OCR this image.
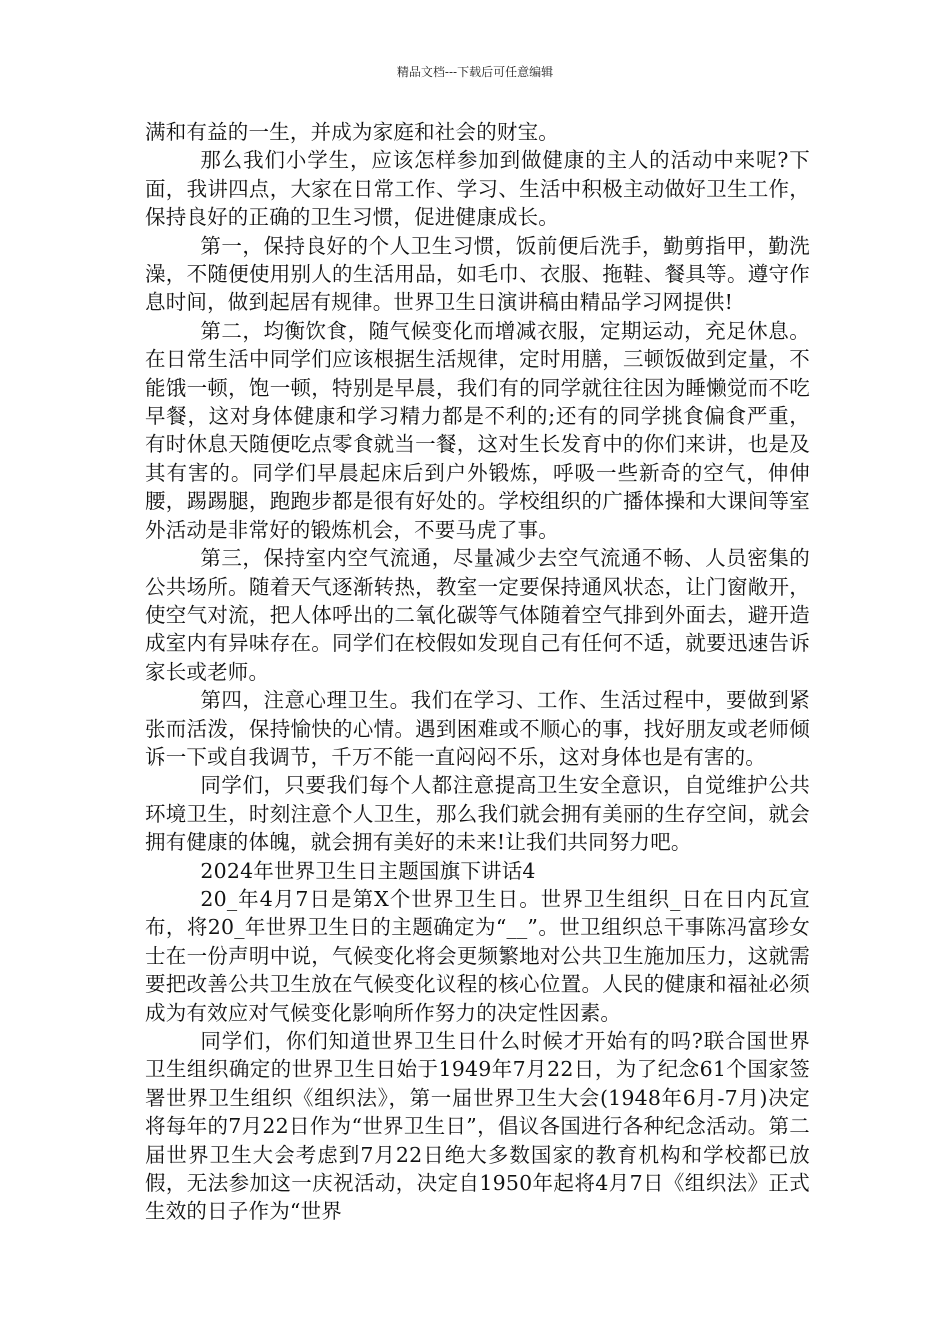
精品文档---下载后可任意编辑

满和有益的一生，并成为家庭和社会的财宝。

那么我们小学生，应该怎样参加到做健康的主人的活动中来呢?下面，我讲四点，大家在日常工作、学习、生活中积极主动做好卫生工作，保持良好的正确的卫生习惯，促进健康成长。

第一，保持良好的个人卫生习惯，饭前便后洗手，勤剪指甲，勤洗澡，不随便使用别人的生活用品，如毛巾、衣服、拖鞋、餐具等。遵守作息时间，做到起居有规律。世界卫生日演讲稿由精品学习网提供!

第二，均衡饮食，随气候变化而增减衣服，定期运动，充足休息。在日常生活中同学们应该根据生活规律，定时用膳，三顿饭做到定量，不能饿一顿，饱一顿，特别是早晨，我们有的同学就往往因为睡懒觉而不吃早餐，这对身体健康和学习精力都是不利的;还有的同学挑食偏食严重，有时休息天随便吃点零食就当一餐，这对生长发育中的你们来讲，也是及其有害的。同学们早晨起床后到户外锻炼，呼吸一些新奇的空气，伸伸腰，踢踢腿，跑跑步都是很有好处的。学校组织的广播体操和大课间等室外活动是非常好的锻炼机会，不要马虎了事。

第三，保持室内空气流通，尽量减少去空气流通不畅、人员密集的公共场所。随着天气逐渐转热，教室一定要保持通风状态，让门窗敞开，使空气对流，把人体呼出的二氧化碳等气体随着空气排到外面去，避开造成室内有异味存在。同学们在校假如发现自己有任何不适，就要迅速告诉家长或老师。

第四，注意心理卫生。我们在学习、工作、生活过程中，要做到紧张而活泼，保持愉快的心情。遇到困难或不顺心的事，找好朋友或老师倾诉一下或自我调节，千万不能一直闷闷不乐，这对身体也是有害的。

同学们，只要我们每个人都注意提高卫生安全意识，自觉维护公共环境卫生，时刻注意个人卫生，那么我们就会拥有美丽的生存空间，就会拥有健康的体魄，就会拥有美好的未来!让我们共同努力吧。

2024年世界卫生日主题国旗下讲话4

20_年4月7日是第X个世界卫生日。世界卫生组织_日在日内瓦宣布，将20_年世界卫生日的主题确定为“__”。世卫组织总干事陈冯富珍女士在一份声明中说，气候变化将会更频繁地对公共卫生施加压力，这就需要把改善公共卫生放在气候变化议程的核心位置。人民的健康和福祉必须成为有效应对气候变化影响所作努力的决定性因素。

同学们，你们知道世界卫生日什么时候才开始有的吗?联合国世界卫生组织确定的世界卫生日始于1949年7月22日，为了纪念61个国家签署世界卫生组织《组织法》，第一届世界卫生大会(1948年6月-7月)决定将每年的7月22日作为“世界卫生日”，倡议各国进行各种纪念活动。第二届世界卫生大会考虑到7月22日绝大多数国家的教育机构和学校都已放假，无法参加这一庆祝活动，决定自1950年起将4月7日《组织法》正式生效的日子作为“世界
